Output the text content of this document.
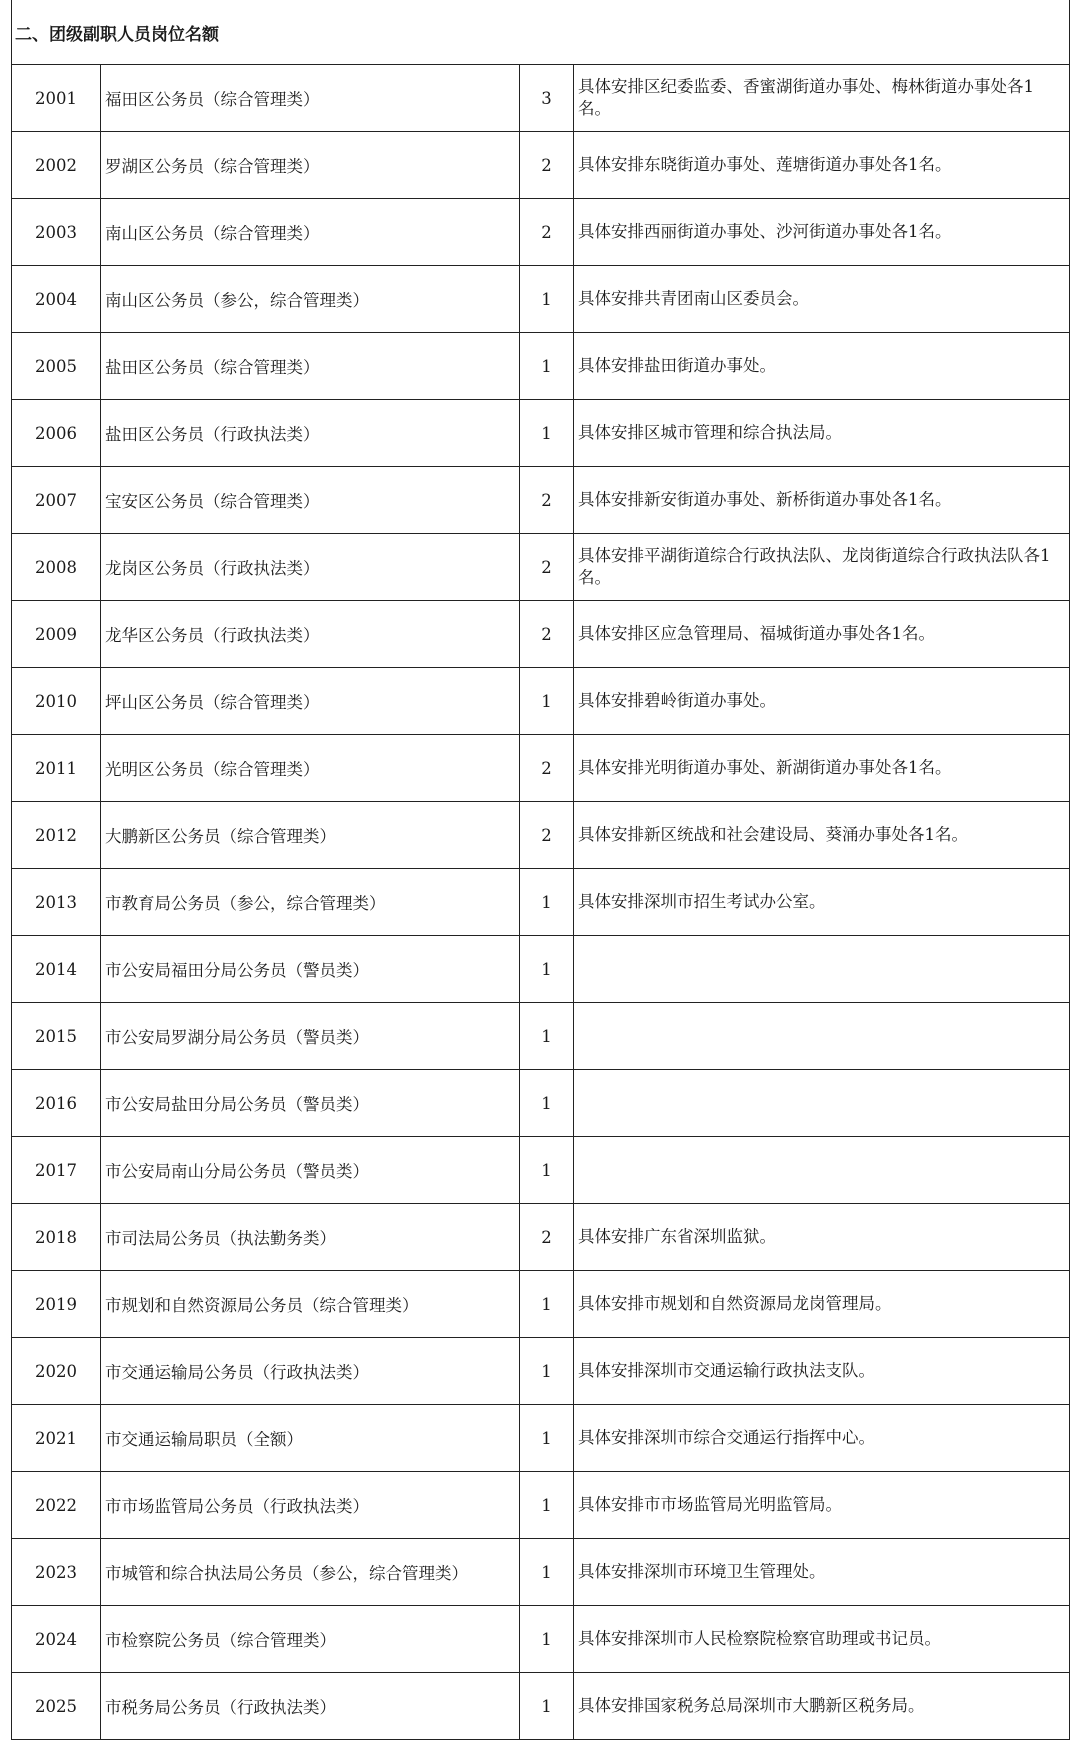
二、团级副职人员岗位名额			
2001	福田区公务员（综合管理类）	3	具体安排区纪委监委、香蜜湖街道办事处、梅林街道办事处各1名。
2002	罗湖区公务员（综合管理类）	2	具体安排东晓街道办事处、莲塘街道办事处各1名。
2003	南山区公务员（综合管理类）	2	具体安排西丽街道办事处、沙河街道办事处各1名。
2004	南山区公务员（参公，综合管理类）	1	具体安排共青团南山区委员会。
2005	盐田区公务员（综合管理类）	1	具体安排盐田街道办事处。
2006	盐田区公务员（行政执法类）	1	具体安排区城市管理和综合执法局。
2007	宝安区公务员（综合管理类）	2	具体安排新安街道办事处、新桥街道办事处各1名。
2008	龙岗区公务员（行政执法类）	2	具体安排平湖街道综合行政执法队、龙岗街道综合行政执法队各1名。
2009	龙华区公务员（行政执法类）	2	具体安排区应急管理局、福城街道办事处各1名。
2010	坪山区公务员（综合管理类）	1	具体安排碧岭街道办事处。
2011	光明区公务员（综合管理类）	2	具体安排光明街道办事处、新湖街道办事处各1名。
2012	大鹏新区公务员（综合管理类）	2	具体安排新区统战和社会建设局、葵涌办事处各1名。
2013	市教育局公务员（参公，综合管理类）	1	具体安排深圳市招生考试办公室。
2014	市公安局福田分局公务员（警员类）	1	
2015	市公安局罗湖分局公务员（警员类）	1	
2016	市公安局盐田分局公务员（警员类）	1	
2017	市公安局南山分局公务员（警员类）	1	
2018	市司法局公务员（执法勤务类）	2	具体安排广东省深圳监狱。
2019	市规划和自然资源局公务员（综合管理类）	1	具体安排市规划和自然资源局龙岗管理局。
2020	市交通运输局公务员（行政执法类）	1	具体安排深圳市交通运输行政执法支队。
2021	市交通运输局职员（全额）	1	具体安排深圳市综合交通运行指挥中心。
2022	市市场监管局公务员（行政执法类）	1	具体安排市市场监管局光明监管局。
2023	市城管和综合执法局公务员（参公，综合管理类）	1	具体安排深圳市环境卫生管理处。
2024	市检察院公务员（综合管理类）	1	具体安排深圳市人民检察院检察官助理或书记员。
2025	市税务局公务员（行政执法类）	1	具体安排国家税务总局深圳市大鹏新区税务局。
